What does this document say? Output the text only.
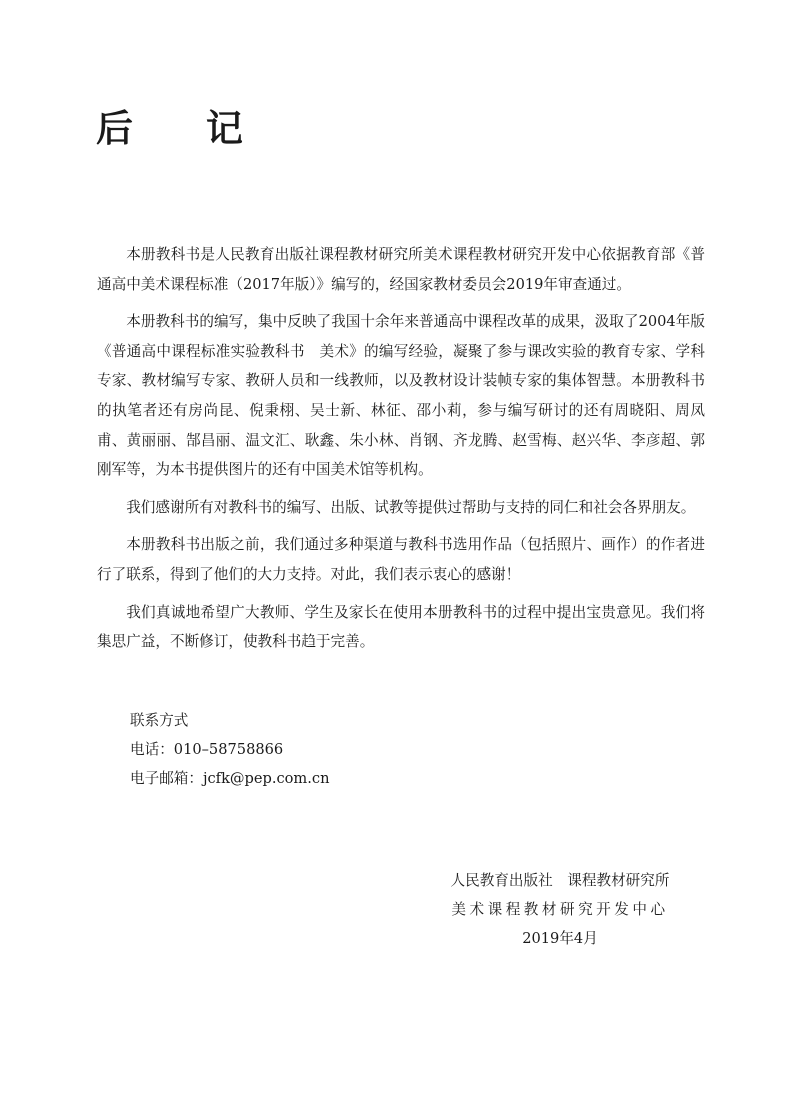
后 记

本册教科书是人民教育出版社课程教材研究所美术课程教材研究开发中心依据教育部《普通高中美术课程标准（2017年版）》编写的，经国家教材委员会2019年审查通过。

本册教科书的编写，集中反映了我国十余年来普通高中课程改革的成果，汲取了2004年版《普通高中课程标准实验教科书　美术》的编写经验，凝聚了参与课改实验的教育专家、学科专家、教材编写专家、教研人员和一线教师，以及教材设计装帧专家的集体智慧。本册教科书的执笔者还有房尚昆、倪秉栩、吴士新、林征、邵小莉，参与编写研讨的还有周晓阳、周凤甫、黄丽丽、郜昌丽、温文汇、耿鑫、朱小林、肖钢、齐龙腾、赵雪梅、赵兴华、李彦超、郭刚军等，为本书提供图片的还有中国美术馆等机构。

我们感谢所有对教科书的编写、出版、试教等提供过帮助与支持的同仁和社会各界朋友。

本册教科书出版之前，我们通过多种渠道与教科书选用作品（包括照片、画作）的作者进行了联系，得到了他们的大力支持。对此，我们表示衷心的感谢！

我们真诚地希望广大教师、学生及家长在使用本册教科书的过程中提出宝贵意见。我们将集思广益，不断修订，使教科书趋于完善。

联系方式
电话：010–58758866
电子邮箱：jcfk@pep.com.cn
人民教育出版社　课程教材研究所
美术课程教材研究开发中心
2019年4月
